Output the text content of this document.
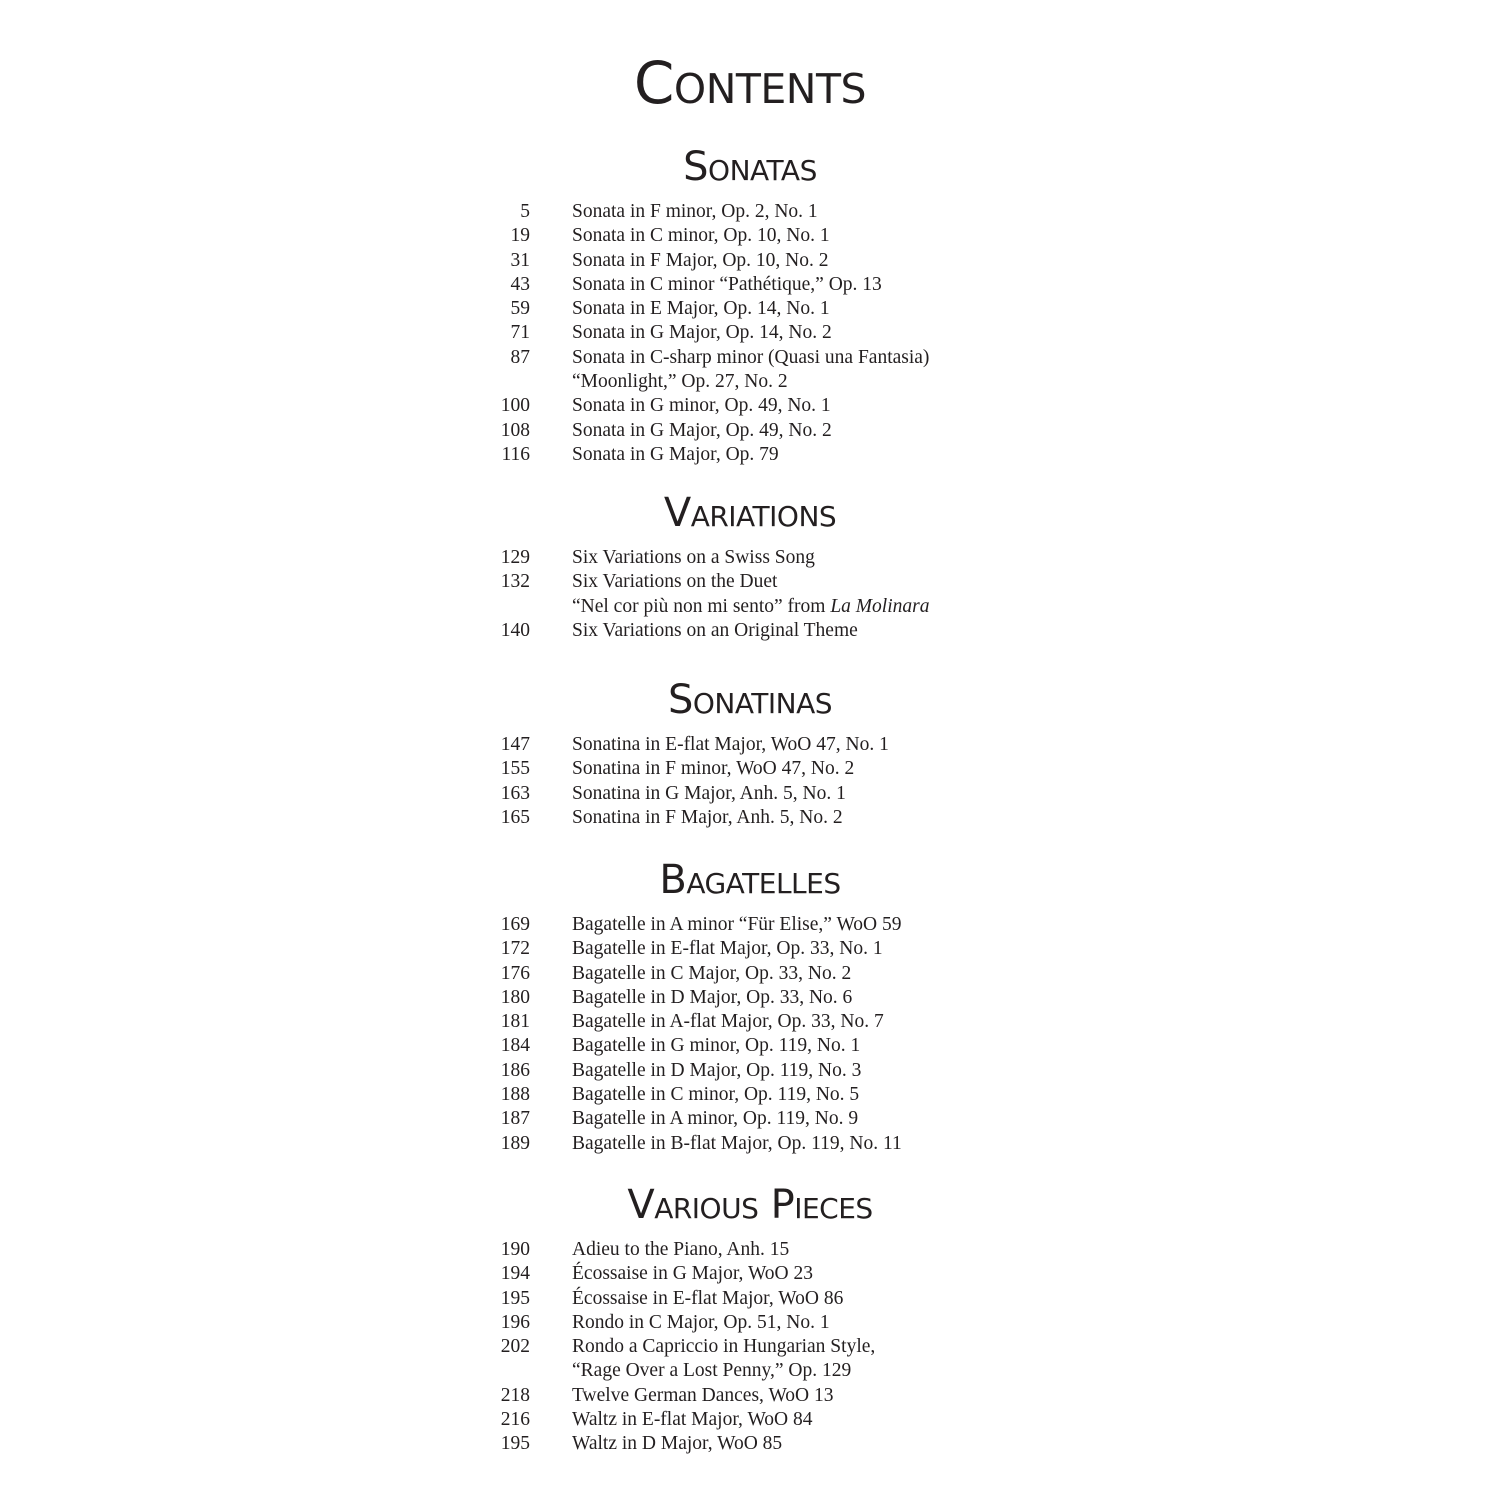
Contents
Sonatas
5 Sonata in F minor, Op. 2, No. 1
19 Sonata in C minor, Op. 10, No. 1
31 Sonata in F Major, Op. 10, No. 2
43 Sonata in C minor “Pathétique,” Op. 13
59 Sonata in E Major, Op. 14, No. 1
71 Sonata in G Major, Op. 14, No. 2
87 Sonata in C-sharp minor (Quasi una Fantasia)
“Moonlight,” Op. 27, No. 2
100 Sonata in G minor, Op. 49, No. 1
108 Sonata in G Major, Op. 49, No. 2
116 Sonata in G Major, Op. 79
Variations
129 Six Variations on a Swiss Song
132 Six Variations on the Duet
“Nel cor più non mi sento” from La Molinara
140 Six Variations on an Original Theme
Sonatinas
147 Sonatina in E-flat Major, WoO 47, No. 1
155 Sonatina in F minor, WoO 47, No. 2
163 Sonatina in G Major, Anh. 5, No. 1
165 Sonatina in F Major, Anh. 5, No. 2
Bagatelles
169 Bagatelle in A minor “Für Elise,” WoO 59
172 Bagatelle in E-flat Major, Op. 33, No. 1
176 Bagatelle in C Major, Op. 33, No. 2
180 Bagatelle in D Major, Op. 33, No. 6
181 Bagatelle in A-flat Major, Op. 33, No. 7
184 Bagatelle in G minor, Op. 119, No. 1
186 Bagatelle in D Major, Op. 119, No. 3
188 Bagatelle in C minor, Op. 119, No. 5
187 Bagatelle in A minor, Op. 119, No. 9
189 Bagatelle in B-flat Major, Op. 119, No. 11
Various Pieces
190 Adieu to the Piano, Anh. 15
194 Écossaise in G Major, WoO 23
195 Écossaise in E-flat Major, WoO 86
196 Rondo in C Major, Op. 51, No. 1
202 Rondo a Capriccio in Hungarian Style,
“Rage Over a Lost Penny,” Op. 129
218 Twelve German Dances, WoO 13
216 Waltz in E-flat Major, WoO 84
195 Waltz in D Major, WoO 85
